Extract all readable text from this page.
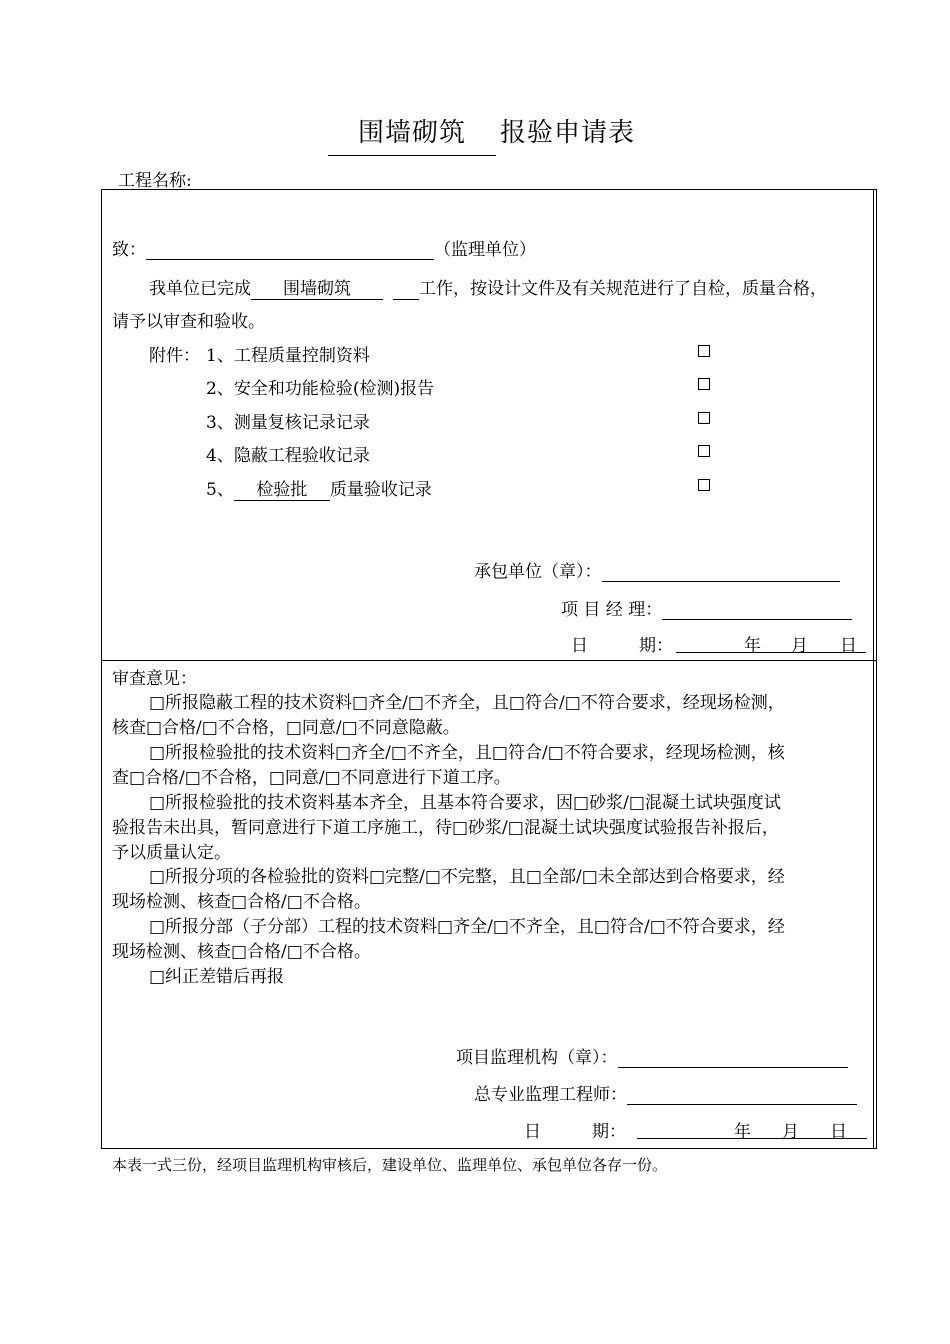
围墙砌筑 报验申请表
工程名称:
致：	（监理单位）
我单位已完成 围墙砌筑	工作，按设计文件及有关规范进行了自检，质量合格，
请予以审查和验收。
附件： 1、工程质量控制资料
2、安全和功能检验(检测)报告
3、测量复核记录记录
4、隐蔽工程验收记录
5、 检验批 质量验收记录
承包单位（章）：
项 目 经 理：
日　　　期：	年 月 日
审查意见：
□所报隐蔽工程的技术资料□齐全/□不齐全，且□符合/□不符合要求，经现场检测，
核查□合格/□不合格，□同意/□不同意隐蔽。
□所报检验批的技术资料□齐全/□不齐全，且□符合/□不符合要求，经现场检测，核
查□合格/□不合格，□同意/□不同意进行下道工序。
□所报检验批的技术资料基本齐全，且基本符合要求，因□砂浆/□混凝土试块强度试
验报告未出具，暂同意进行下道工序施工，待□砂浆/□混凝土试块强度试验报告补报后，
予以质量认定。
□所报分项的各检验批的资料□完整/□不完整，且□全部/□未全部达到合格要求，经
现场检测、核查□合格/□不合格。
□所报分部（子分部）工程的技术资料□齐全/□不齐全，且□符合/□不符合要求，经
现场检测、核查□合格/□不合格。
□纠正差错后再报
项目监理机构（章）：
总专业监理工程师：
日　　　期：	年 月 日
本表一式三份，经项目监理机构审核后，建设单位、监理单位、承包单位各存一份。
